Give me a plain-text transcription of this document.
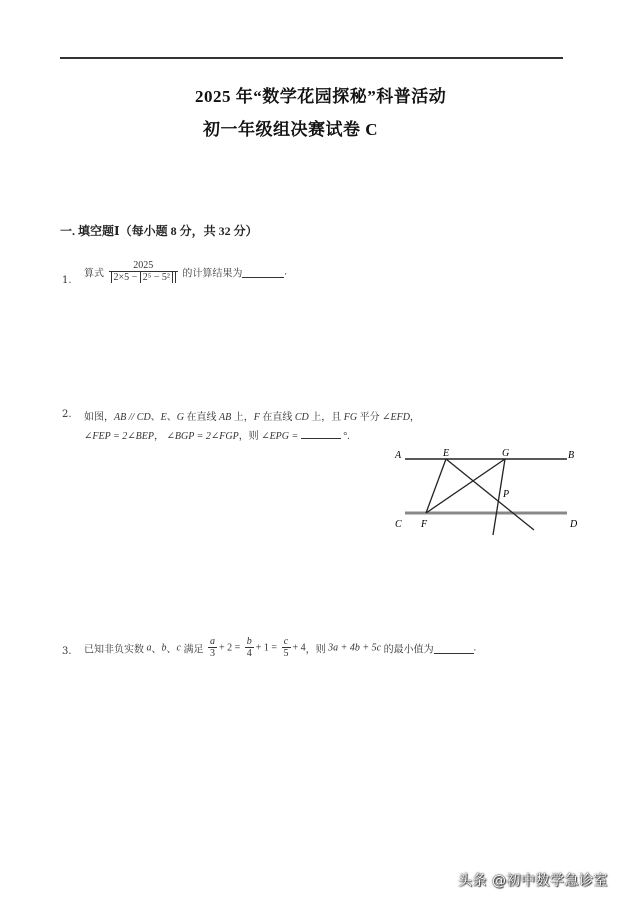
2025 年“数学花园探秘”科普活动
初一年级组决赛试卷 C
一. 填空题Ⅰ（每小题 8 分，共 32 分）
1.
算式 $\frac{2025}{\text{2×5 − 2⁵ − 5²}}$ 的计算结果为	.
2. 如图，AB // CD、E、G 在直线 AB 上，F 在直线 CD 上，且 FG 平分 ∠EFD，
∠FEP = 2∠BEP， ∠BGP = 2∠FGP，则 ∠EPG =	°.
A	E	G	B
P
C F	D
3. 已知非负实数 a、b、c 满足 $\frac{a}{3} + 2 = \frac{b}{4} + 1 = \frac{c}{5} + 4$，则 3a + 4b + 5c 的最小值为	.
头条 @初中数学急诊室
